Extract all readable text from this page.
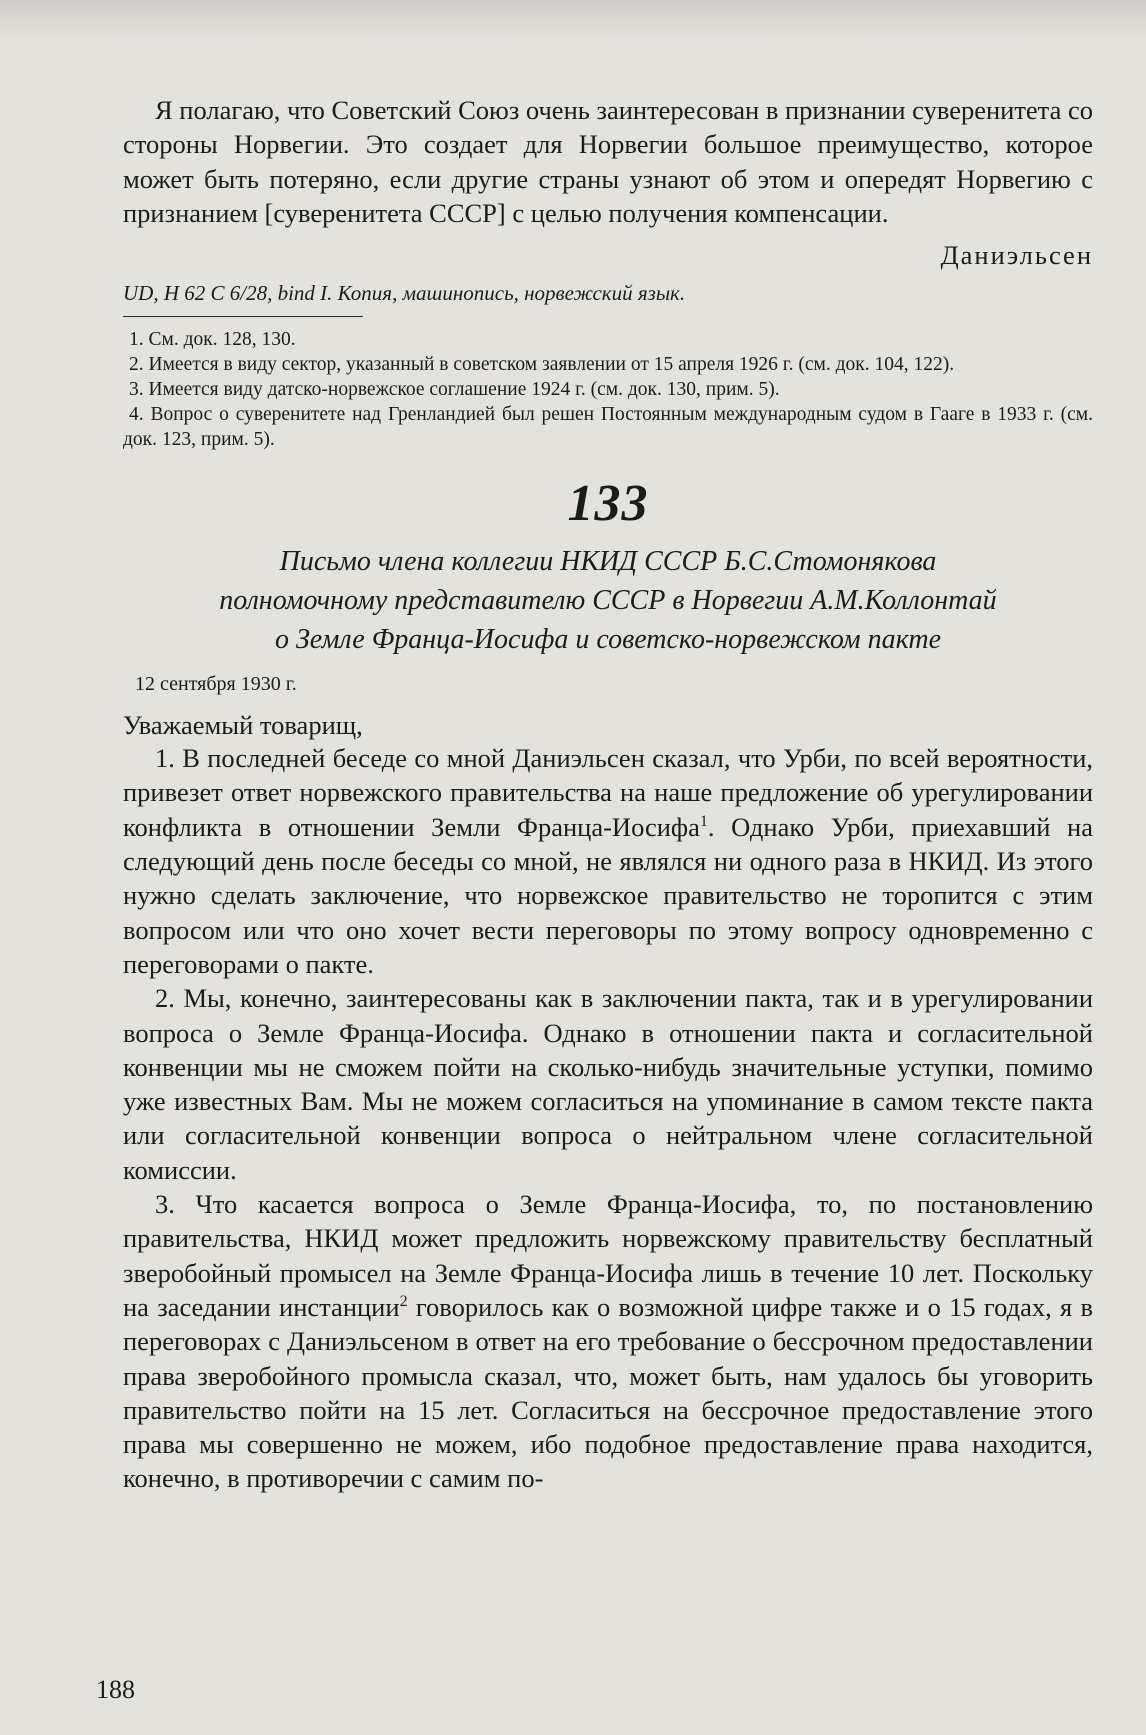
Я полагаю, что Советский Союз очень заинтересован в признании суверенитета со стороны Норвегии. Это создает для Норвегии большое преимущество, которое может быть потеряно, если другие страны узнают об этом и опередят Норвегию с признанием [суверенитета СССР] с целью получения компенсации.

Даниэльсен

UD, H 62 C 6/28, bind I. Копия, машинопись, норвежский язык.

1. См. док. 128, 130.

2. Имеется в виду сектор, указанный в советском заявлении от 15 апреля 1926 г. (см. док. 104, 122).

3. Имеется виду датско-норвежское соглашение 1924 г. (см. док. 130, прим. 5).

4. Вопрос о суверенитете над Гренландией был решен Постоянным международным судом в Гааге в 1933 г. (см. док. 123, прим. 5).

133

Письмо члена коллегии НКИД СССР Б.С.Стомонякова

полномочному представителю СССР в Норвегии А.М.Коллонтай

о Земле Франца-Иосифа и советско-норвежском пакте

12 сентября 1930 г.

Уважаемый товарищ,

1. В последней беседе со мной Даниэльсен сказал, что Урби, по всей вероятности, привезет ответ норвежского правительства на наше предложение об урегулировании конфликта в отношении Земли Франца-Иосифа$^1$. Однако Урби, приехавший на следующий день после беседы со мной, не являлся ни одного раза в НКИД. Из этого нужно сделать заключение, что норвежское правительство не торопится с этим вопросом или что оно хочет вести переговоры по этому вопросу одновременно с переговорами о пакте.

2. Мы, конечно, заинтересованы как в заключении пакта, так и в урегулировании вопроса о Земле Франца-Иосифа. Однако в отношении пакта и согласительной конвенции мы не сможем пойти на сколько-нибудь значительные уступки, помимо уже известных Вам. Мы не можем согласиться на упоминание в самом тексте пакта или согласительной конвенции вопроса о нейтральном члене согласительной комиссии.

3. Что касается вопроса о Земле Франца-Иосифа, то, по постановлению правительства, НКИД может предложить норвежскому правительству бесплатный зверобойный промысел на Земле Франца-Иосифа лишь в течение 10 лет. Поскольку на заседании инстанции$^2$ говорилось как о возможной цифре также и о 15 годах, я в переговорах с Даниэльсеном в ответ на его требование о бессрочном предоставлении права зверобойного промысла сказал, что, может быть, нам удалось бы уговорить правительство пойти на 15 лет. Согласиться на бессрочное предоставление этого права мы совершенно не можем, ибо подобное предоставление права находится, конечно, в противоречии с самим по-

188
